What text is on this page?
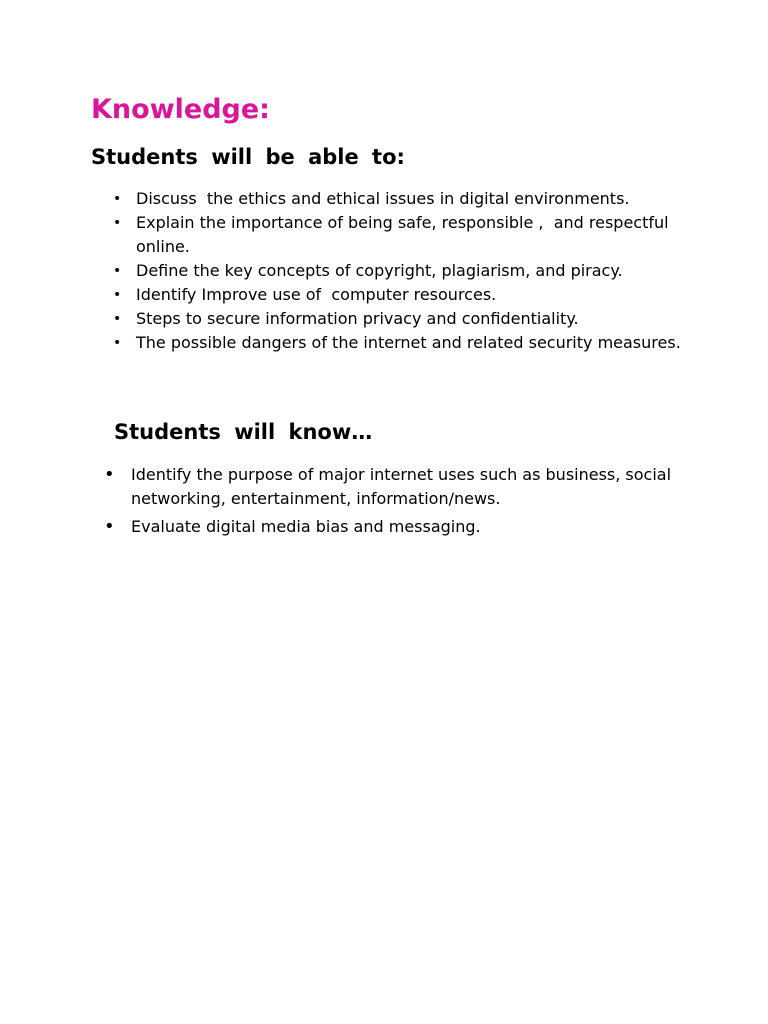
Knowledge:
Students will be able to:
• Discuss  the ethics and ethical issues in digital environments.
• Explain the importance of being safe, responsible ,  and respectful online.
• Define the key concepts of copyright, plagiarism, and piracy.
• Identify Improve use of  computer resources.
• Steps to secure information privacy and confidentiality.
• The possible dangers of the internet and related security measures.
Students will know…
•	Identify the purpose of major internet uses such as business, social networking, entertainment, information/news.
•	Evaluate digital media bias and messaging.
